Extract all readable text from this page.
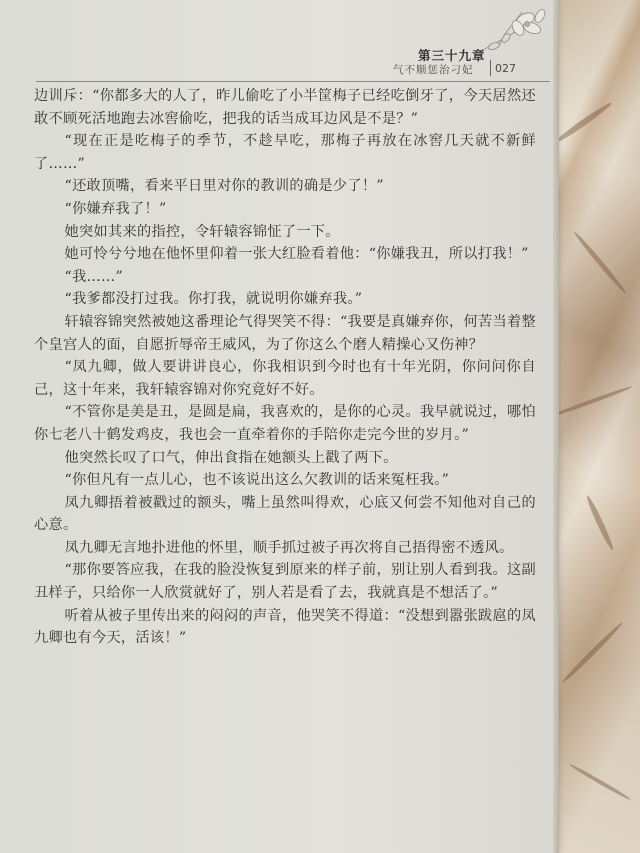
第三十九章
气不顺惩治刁妃 027

边训斥：“你都多大的人了，昨儿偷吃了小半筐梅子已经吃倒牙了，今天居然还敢不顾死活地跑去冰窖偷吃，把我的话当成耳边风是不是？”

“现在正是吃梅子的季节，不趁早吃，那梅子再放在冰窖几天就不新鲜了……”

“还敢顶嘴，看来平日里对你的教训的确是少了！”

“你嫌弃我了！”

她突如其来的指控，令轩辕容锦怔了一下。

她可怜兮兮地在他怀里仰着一张大红脸看着他：“你嫌我丑，所以打我！”

“我……”

“我爹都没打过我。你打我，就说明你嫌弃我。”

轩辕容锦突然被她这番理论气得哭笑不得：“我要是真嫌弃你，何苦当着整个皇宫人的面，自愿折辱帝王威风，为了你这么个磨人精操心又伤神？

“凤九卿，做人要讲讲良心，你我相识到今时也有十年光阴，你问问你自己，这十年来，我轩辕容锦对你究竟好不好。

“不管你是美是丑，是圆是扁，我喜欢的，是你的心灵。我早就说过，哪怕你七老八十鹤发鸡皮，我也会一直牵着你的手陪你走完今世的岁月。”

他突然长叹了口气，伸出食指在她额头上戳了两下。

“你但凡有一点儿心，也不该说出这么欠教训的话来冤枉我。”

凤九卿捂着被戳过的额头，嘴上虽然叫得欢，心底又何尝不知他对自己的心意。

凤九卿无言地扑进他的怀里，顺手抓过被子再次将自己捂得密不透风。

“那你要答应我，在我的脸没恢复到原来的样子前，别让别人看到我。这副丑样子，只给你一人欣赏就好了，别人若是看了去，我就真是不想活了。”

听着从被子里传出来的闷闷的声音，他哭笑不得道：“没想到嚣张跋扈的凤九卿也有今天，活该！”
